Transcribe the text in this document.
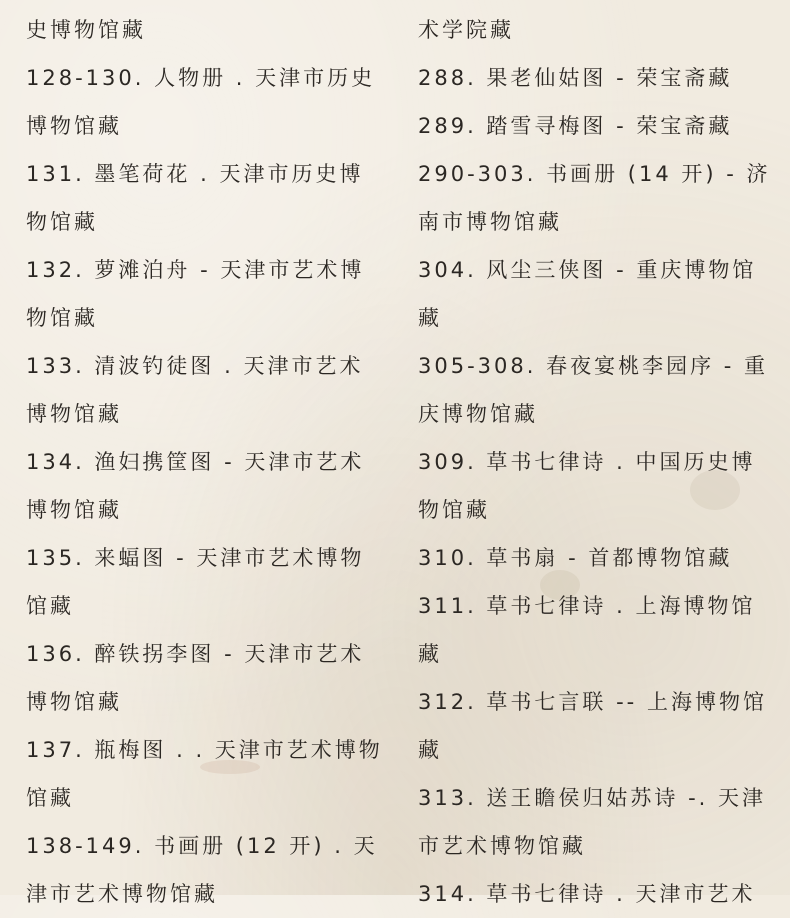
史博物馆藏
128-130. 人物册 . 天津市历史
博物馆藏
131. 墨笔荷花 . 天津市历史博
物馆藏
132. 萝滩泊舟 - 天津市艺术博
物馆藏
133. 清波钓徒图 . 天津市艺术
博物馆藏
134. 渔妇携筐图 - 天津市艺术
博物馆藏
135. 来蝠图 - 天津市艺术博物
馆藏
136. 醉铁拐李图 - 天津市艺术
博物馆藏
137. 瓶梅图 . . 天津市艺术博物
馆藏
138-149. 书画册 (12 开) . 天
津市艺术博物馆藏
术学院藏
288. 果老仙姑图 - 荣宝斋藏
289. 踏雪寻梅图 - 荣宝斋藏
290-303. 书画册 (14 开) - 济
南市博物馆藏
304. 风尘三侠图 - 重庆博物馆
藏
305-308. 春夜宴桃李园序 - 重
庆博物馆藏
309. 草书七律诗 . 中国历史博
物馆藏
310. 草书扇 - 首都博物馆藏
311. 草书七律诗 . 上海博物馆
藏
312. 草书七言联 -- 上海博物馆
藏
313. 送王瞻侯归姑苏诗 -. 天津
市艺术博物馆藏
314. 草书七律诗 . 天津市艺术
